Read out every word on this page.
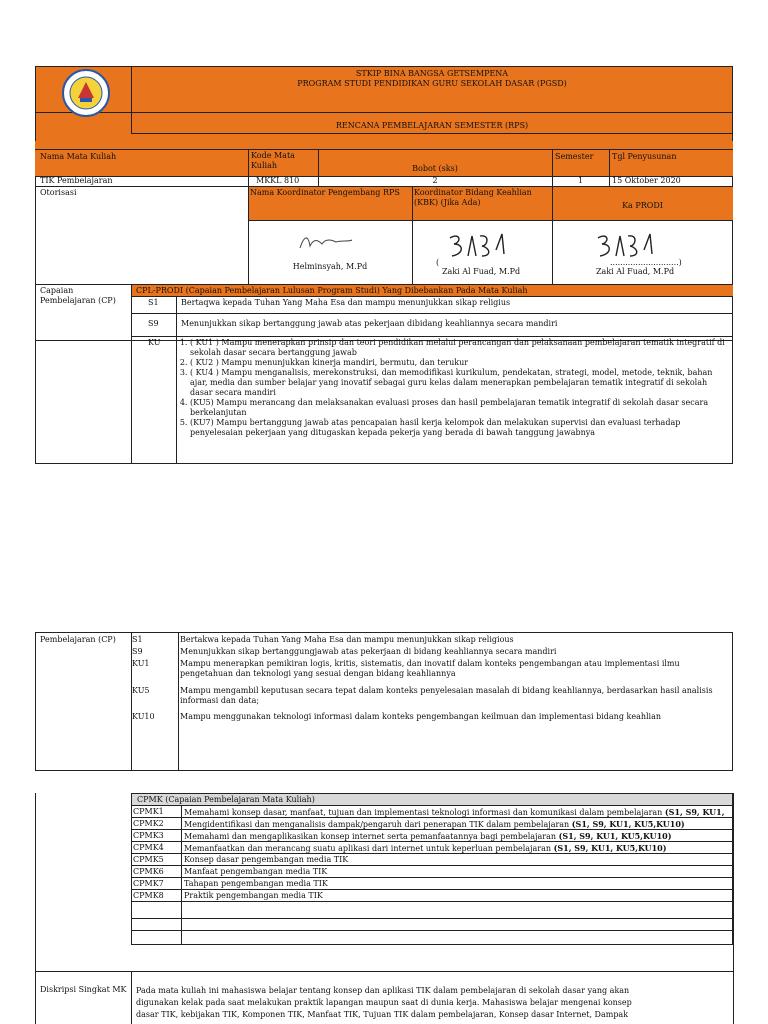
STKIP BINA BANGSA GETSEMPENA
PROGRAM STUDI PENDIDIKAN GURU SEKOLAH DASAR (PGSD)
RENCANA PEMBELAJARAN SEMESTER (RPS)
Nama Mata Kuliah	Kode Mata Kuliah	Bobot (sks)
Semester	Tgl Penyusunan
TIK Pembelajaran	MKKL 810	2	1	15 Oktober 2020
Otorisasi	Nama Koordinator Pengembang RPS	Koordinator Bidang Keahlian (KBK) (Jika Ada)	Ka PRODI
Helminsyah, M.Pd	(
Zaki Al Fuad, M.Pd
...........................)
Zaki Al Fuad, M.Pd
Capaian Pembelajaran (CP)
CPL-PRODI (Capaian Pembelajaran Lulusan Program Studi) Yang Dibebankan Pada Mata Kuliah
S1	Bertaqwa kepada Tuhan Yang Maha Esa dan mampu menunjukkan sikap religius
S9	Menunjukkan sikap bertanggung jawab atas pekerjaan dibidang keahliannya secara mandiri
KU
1.	( KU1 ) Mampu menerapkan prinsip dan teori pendidikan melalui perancangan dan pelaksanaan pembelajaran tematik integratif di sekolah dasar secara bertanggung jawab
2. ( KU2 ) Mampu menunjukkan kinerja mandiri, bermutu, dan terukur
3. ( KU4 ) Mampu menganalisis, merekonstruksi, dan memodifikasi kurikulum, pendekatan, strategi, model, metode, teknik, bahan ajar, media dan sumber belajar yang inovatif sebagai guru kelas dalam menerapkan pembelajaran tematik integratif di sekolah dasar secara mandiri
4. (KU5) Mampu merancang dan melaksanakan evaluasi proses dan hasil pembelajaran tematik integratif di sekolah dasar secara berkelanjutan
5. (KU7) Mampu bertanggung jawab atas pencapaian hasil kerja kelompok dan melakukan supervisi dan evaluasi terhadap penyelesaian pekerjaan yang ditugaskan kepada pekerja yang berada di bawah tanggung jawabnya
Pembelajaran (CP)	S1	Bertakwa kepada Tuhan Yang Maha Esa dan mampu menunjukkan sikap religious
S9	Menunjukkan sikap bertanggungjawab atas pekerjaan di bidang keahliannya secara mandiri
KU1	Mampu menerapkan pemikiran logis, kritis, sistematis, dan inovatif dalam konteks pengembangan atau implementasi ilmu pengetahuan dan teknologi yang sesuai dengan bidang keahliannya
KU5	Mampu mengambil keputusan secara tepat dalam konteks penyelesaian masalah di bidang keahliannya, berdasarkan hasil analisis informasi dan data;
KU10	Mampu menggunakan teknologi informasi dalam konteks pengembangan keilmuan dan implementasi bidang keahlian
CPMK (Capaian Pembelajaran Mata Kuliah)
CPMK1	Memahami konsep dasar, manfaat, tujuan dan implementasi teknologi informasi dan komunikasi dalam pembelajaran (S1, S9, KU1,
CPMK2	Mengidentifikasi dan menganalisis dampak/pengaruh dari penerapan TIK dalam pembelajaran (S1, S9, KU1, KU5,KU10)
CPMK3	Memahami dan mengaplikasikan konsep internet serta pemanfaatannya bagi pembelajaran (S1, S9, KU1, KU5,KU10)
CPMK4	Memanfaatkan dan merancang suatu aplikasi dari internet untuk keperluan pembelajaran (S1, S9, KU1, KU5,KU10)
CPMK5	Konsep dasar pengembangan media TIK
CPMK6	Manfaat pengembangan media TIK
CPMK7	Tahapan pengembangan media TIK
CPMK8	Praktik pengembangan media TIK
Diskripsi Singkat MK	Pada mata kuliah ini mahasiswa belajar tentang konsep dan aplikasi TIK dalam pembelajaran di sekolah dasar yang akan
digunakan kelak pada saat melakukan praktik lapangan maupun saat di dunia kerja. Mahasiswa belajar mengenai konsep
dasar TIK, kebijakan TIK, Komponen TIK, Manfaat TIK, Tujuan TIK dalam pembelajaran, Konsep dasar Internet, Dampak
